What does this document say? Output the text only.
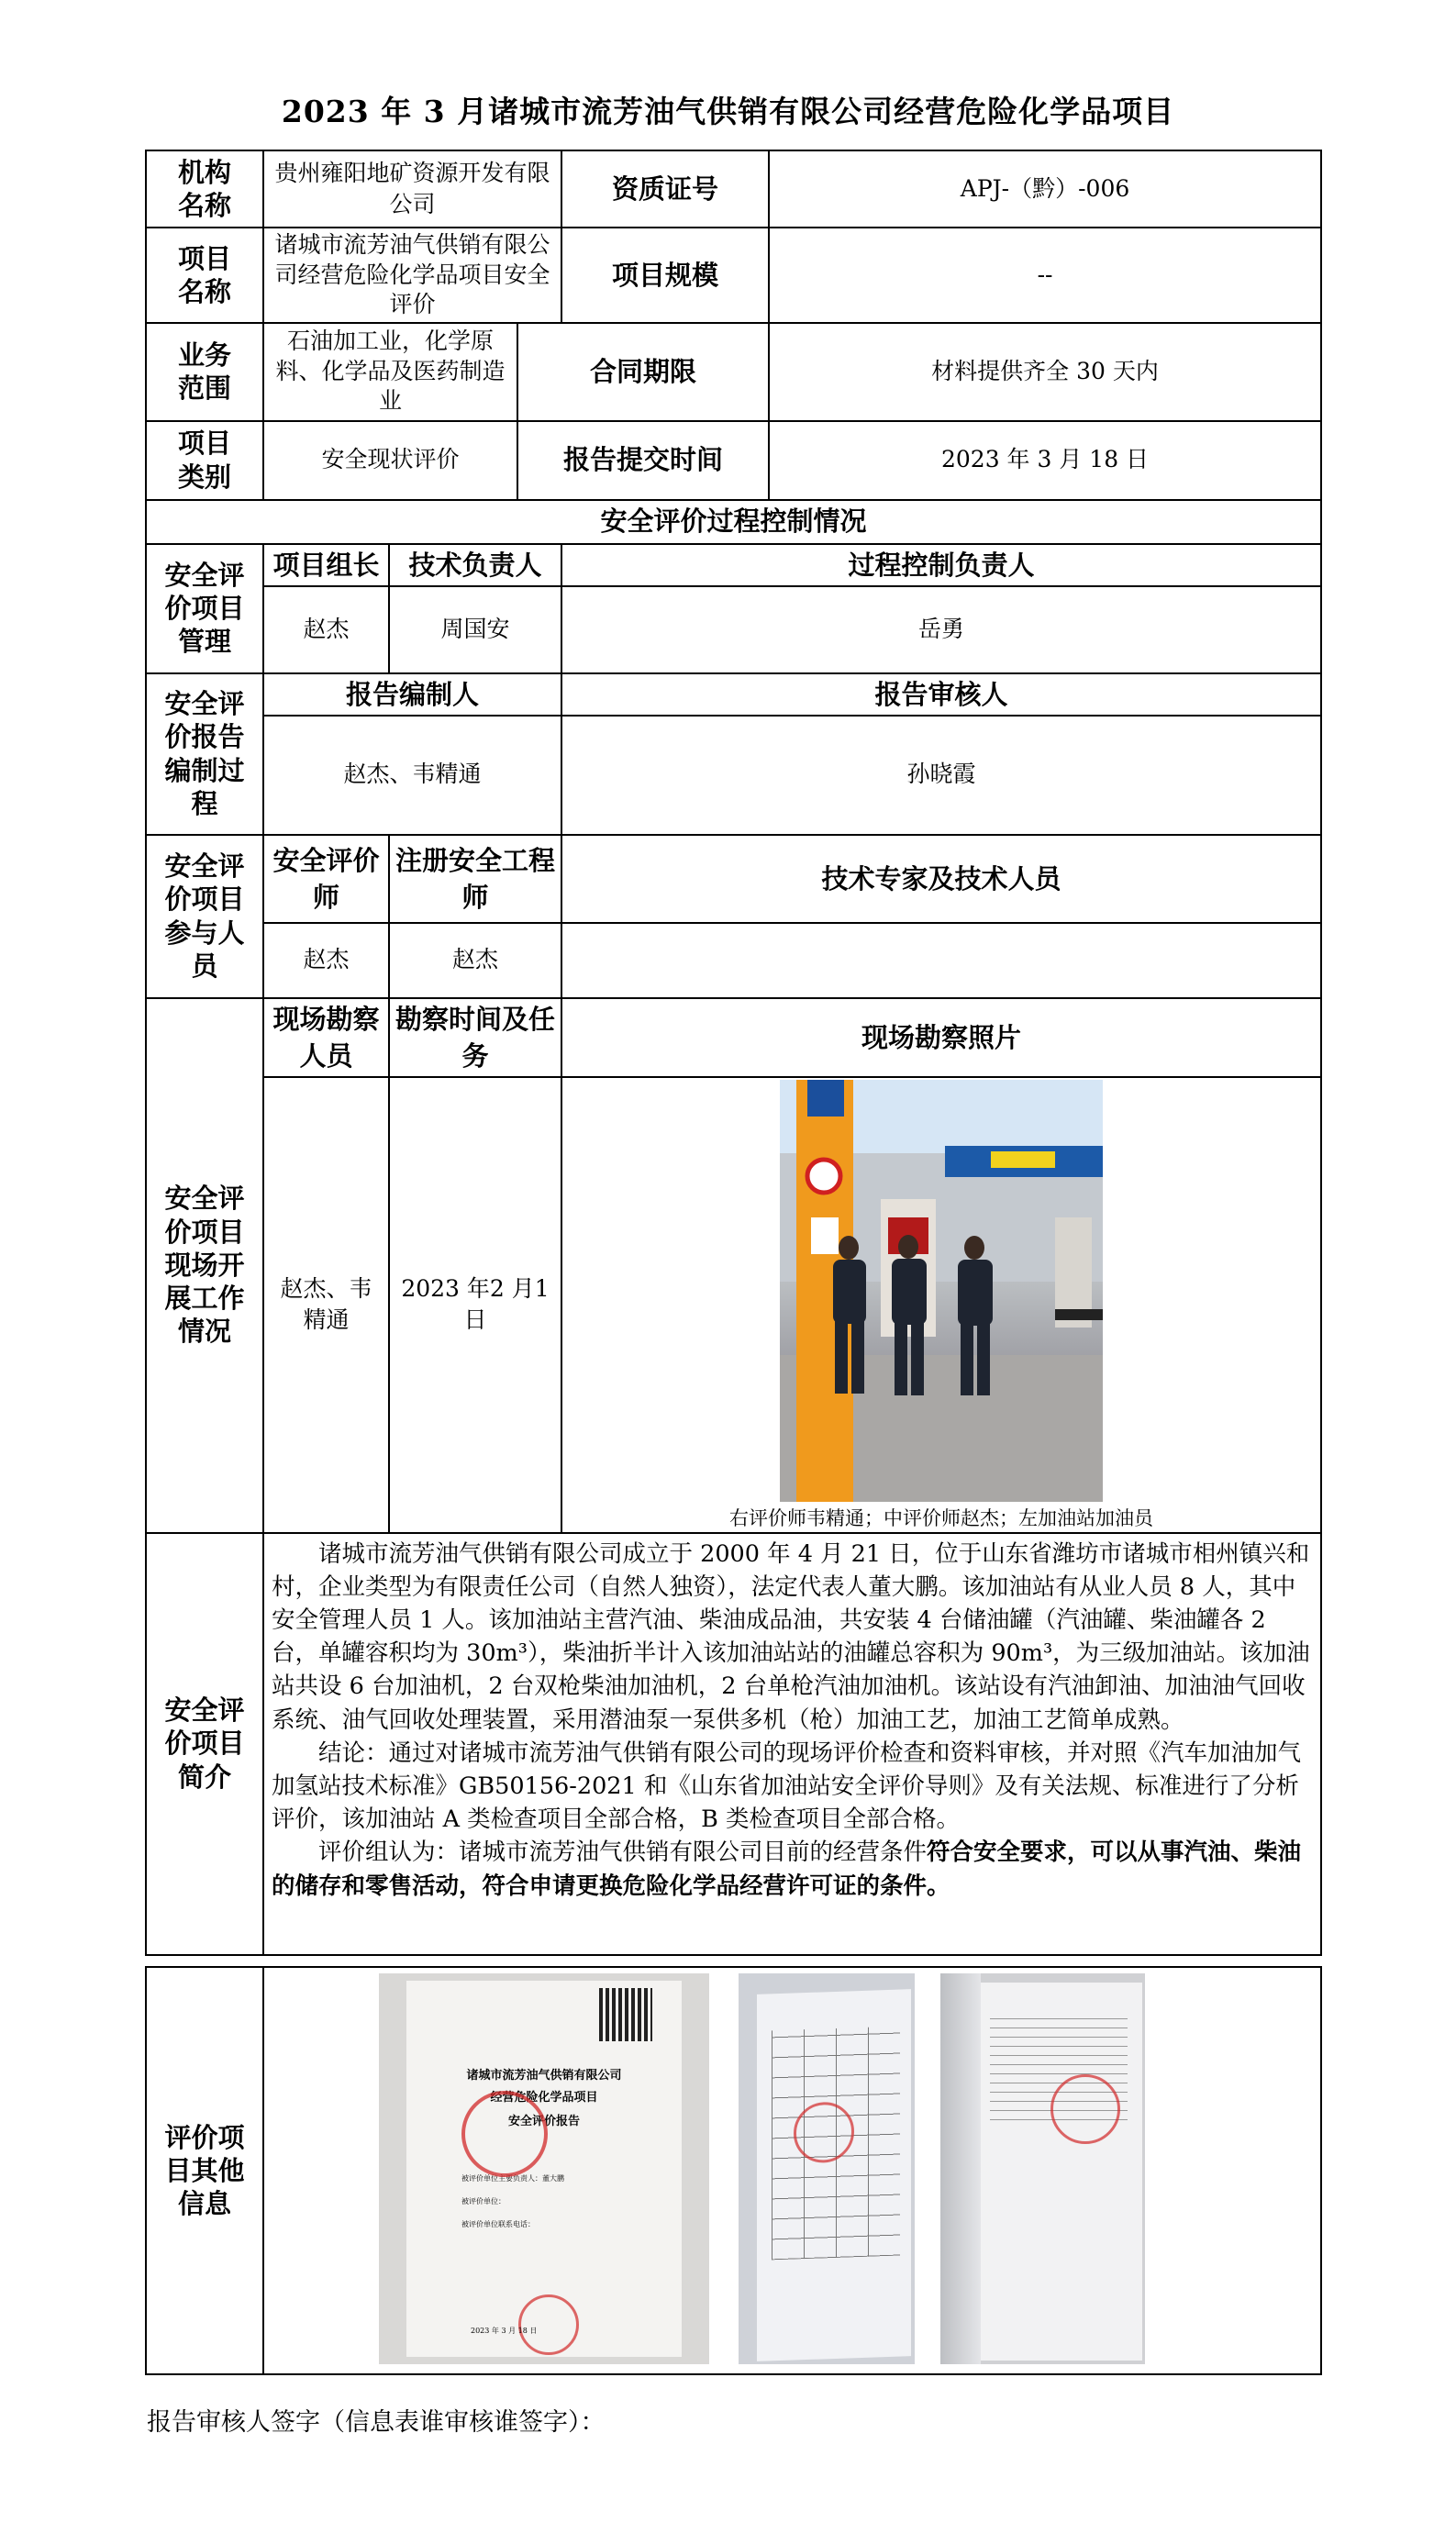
2023 年 3 月诸城市流芳油气供销有限公司经营危险化学品项目
机构
名称	贵州雍阳地矿资源开发有限公司			资质证号	APJ-（黔）-006
项目
名称	诸城市流芳油气供销有限公司经营危险化学品项目安全评价			项目规模	--
业务
范围	石油加工业，化学原料、化学品及医药制造业		合同期限		材料提供齐全 30 天内
项目
类别	安全现状评价		报告提交时间		2023 年 3 月 18 日
安全评价过程控制情况					
安全评价项目管理	项目组长	技术负责人		过程控制负责人	
	赵杰	周国安		岳勇	
安全评价报告编制过程	报告编制人			报告审核人	
	赵杰、韦精通			孙晓霞	
安全评价项目参与人员	安全评价师	注册安全工程师		技术专家及技术人员	
	赵杰	赵杰			
安全评价项目现场开展工作情况	现场勘察人员	勘察时间及任务		现场勘察照片	
	赵杰、韦精通	2023 年2 月1 日		右评价师韦精通；中评价师赵杰；左加油站加油员	

安全评价项目简介	诸城市流芳油气供销有限公司成立于 2000 年 4 月 21 日，位于山东省潍坊市诸城市相州镇兴和村，企业类型为有限责任公司（自然人独资），法定代表人董大鹏。该加油站有从业人员 8 人，其中安全管理人员 1 人。该加油站主营汽油、柴油成品油，共安装 4 台储油罐（汽油罐、柴油罐各 2 台，单罐容积均为 30m³），柴油折半计入该加油站站的油罐总容积为 90m³，为三级加油站。该加油站共设 6 台加油机，2 台双枪柴油加油机，2 台单枪汽油加油机。该站设有汽油卸油、加油油气回收系统、油气回收处理装置，采用潜油泵一泵供多机（枪）加油工艺，加油工艺简单成熟。

结论：通过对诸城市流芳油气供销有限公司的现场评价检查和资料审核，并对照《汽车加油加气加氢站技术标准》GB50156-2021 和《山东省加油站安全评价导则》及有关法规、标准进行了分析评价，该加油站 A 类检查项目全部合格，B 类检查项目全部合格。

评价组认为：诸城市流芳油气供销有限公司目前的经营条件符合安全要求，可以从事汽油、柴油的储存和零售活动，符合申请更换危险化学品经营许可证的条件。				

评价项目其他信息	
诸城市流芳油气供销有限公司
经营危险化学品项目
安全评价报告
被评价单位主要负责人：董大鹏
被评价单位：
被评价单位联系电话：
2023 年 3 月 18 日
报告审核人签字（信息表谁审核谁签字）：
